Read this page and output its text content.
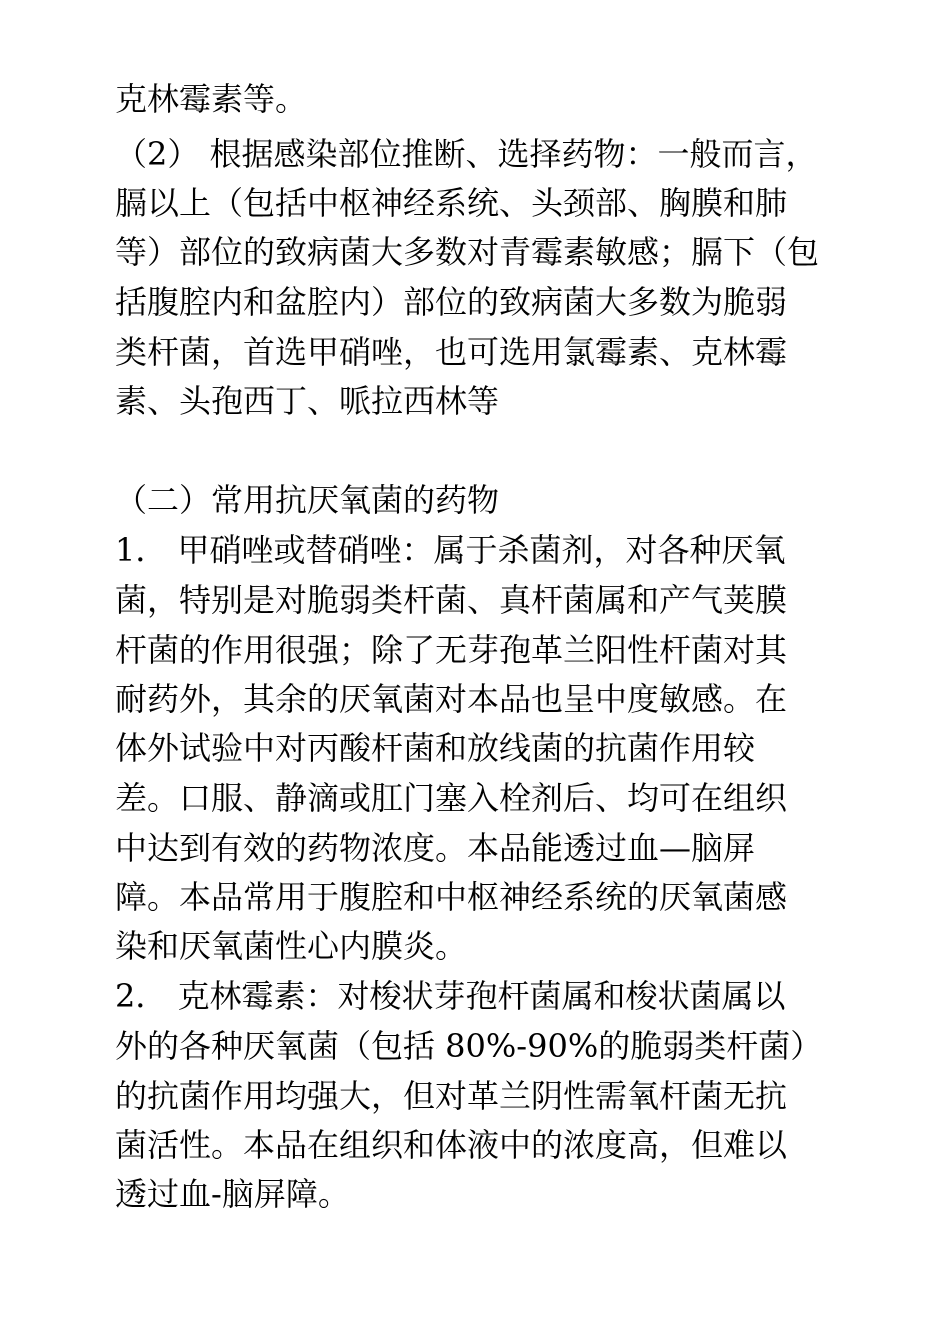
克林霉素等。
（2） 根据感染部位推断、选择药物：一般而言，
膈以上（包括中枢神经系统、头颈部、胸膜和肺
等）部位的致病菌大多数对青霉素敏感；膈下（包
括腹腔内和盆腔内）部位的致病菌大多数为脆弱
类杆菌，首选甲硝唑，也可选用氯霉素、克林霉
素、头孢西丁、哌拉西林等
（二）常用抗厌氧菌的药物
1． 甲硝唑或替硝唑：属于杀菌剂，对各种厌氧
菌，特别是对脆弱类杆菌、真杆菌属和产气荚膜
杆菌的作用很强；除了无芽孢革兰阳性杆菌对其
耐药外，其余的厌氧菌对本品也呈中度敏感。在
体外试验中对丙酸杆菌和放线菌的抗菌作用较
差。口服、静滴或肛门塞入栓剂后、均可在组织
中达到有效的药物浓度。本品能透过血—脑屏
障。本品常用于腹腔和中枢神经系统的厌氧菌感
染和厌氧菌性心内膜炎。
2． 克林霉素：对梭状芽孢杆菌属和梭状菌属以
外的各种厌氧菌（包括 80%-90%的脆弱类杆菌）
的抗菌作用均强大，但对革兰阴性需氧杆菌无抗
菌活性。本品在组织和体液中的浓度高，但难以
透过血-脑屏障。
